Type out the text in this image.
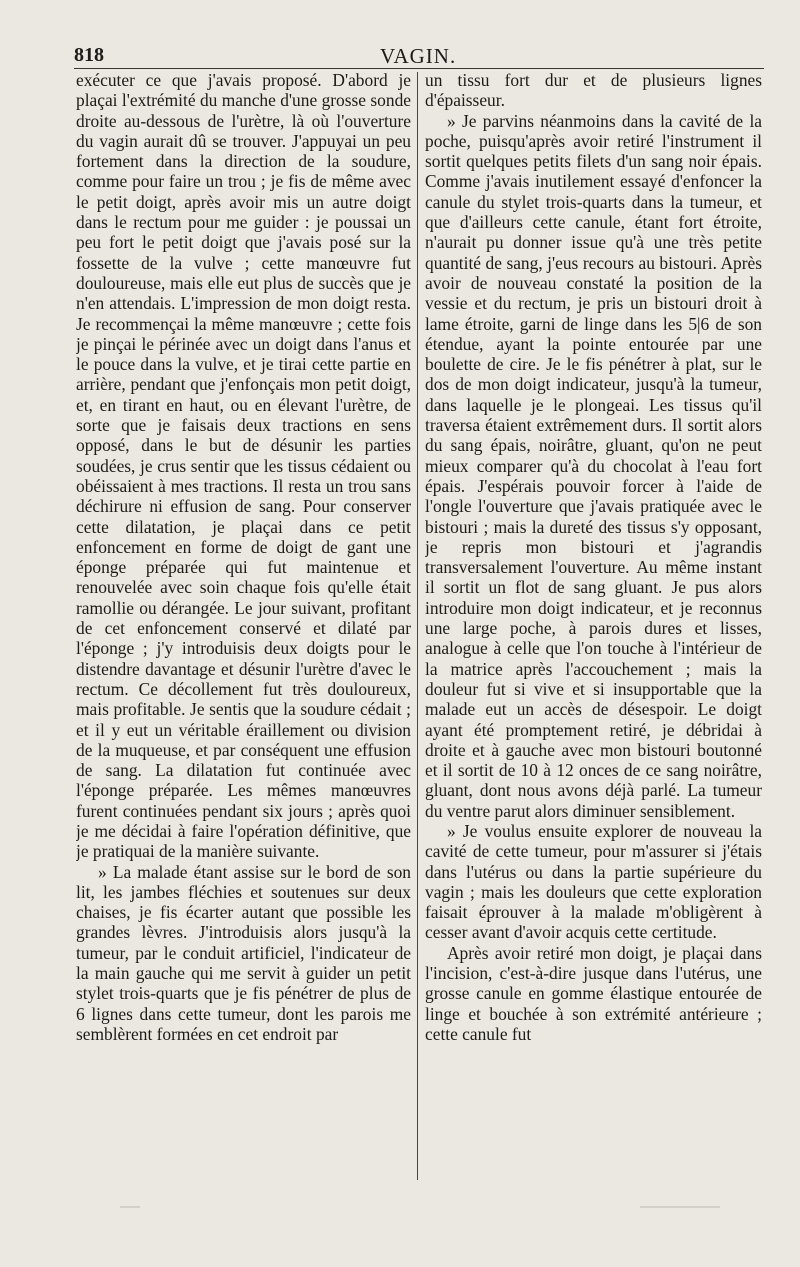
818	VAGIN.

exécuter ce que j'avais proposé. D'abord je plaçai l'extrémité du manche d'une grosse sonde droite au-dessous de l'urètre, là où l'ouverture du vagin aurait dû se trouver. J'appuyai un peu fortement dans la direction de la soudure, comme pour faire un trou ; je fis de même avec le petit doigt, après avoir mis un autre doigt dans le rectum pour me guider : je poussai un peu fort le petit doigt que j'avais posé sur la fossette de la vulve ; cette manœuvre fut douloureuse, mais elle eut plus de succès que je n'en attendais. L'impression de mon doigt resta. Je recommençai la même manœuvre ; cette fois je pinçai le périnée avec un doigt dans l'anus et le pouce dans la vulve, et je tirai cette partie en arrière, pendant que j'enfonçais mon petit doigt, et, en tirant en haut, ou en élevant l'urètre, de sorte que je faisais deux tractions en sens opposé, dans le but de désunir les parties soudées, je crus sentir que les tissus cédaient ou obéissaient à mes tractions. Il resta un trou sans déchirure ni effusion de sang. Pour conserver cette dilatation, je plaçai dans ce petit enfoncement en forme de doigt de gant une éponge préparée qui fut maintenue et renouvelée avec soin chaque fois qu'elle était ramollie ou dérangée. Le jour suivant, profitant de cet enfoncement conservé et dilaté par l'éponge ; j'y introduisis deux doigts pour le distendre davantage et désunir l'urètre d'avec le rectum. Ce décollement fut très douloureux, mais profitable. Je sentis que la soudure cédait ; et il y eut un véritable éraillement ou division de la muqueuse, et par conséquent une effusion de sang. La dilatation fut continuée avec l'éponge préparée. Les mêmes manœuvres furent continuées pendant six jours ; après quoi je me décidai à faire l'opération définitive, que je pratiquai de la manière suivante.

» La malade étant assise sur le bord de son lit, les jambes fléchies et soutenues sur deux chaises, je fis écarter autant que possible les grandes lèvres. J'introduisis alors jusqu'à la tumeur, par le conduit artificiel, l'indicateur de la main gauche qui me servit à guider un petit stylet trois-quarts que je fis pénétrer de plus de 6 lignes dans cette tumeur, dont les parois me semblèrent formées en cet endroit par

un tissu fort dur et de plusieurs lignes d'épaisseur.

» Je parvins néanmoins dans la cavité de la poche, puisqu'après avoir retiré l'instrument il sortit quelques petits filets d'un sang noir épais. Comme j'avais inutilement essayé d'enfoncer la canule du stylet trois-quarts dans la tumeur, et que d'ailleurs cette canule, étant fort étroite, n'aurait pu donner issue qu'à une très petite quantité de sang, j'eus recours au bistouri. Après avoir de nouveau constaté la position de la vessie et du rectum, je pris un bistouri droit à lame étroite, garni de linge dans les 5|6 de son étendue, ayant la pointe entourée par une boulette de cire. Je le fis pénétrer à plat, sur le dos de mon doigt indicateur, jusqu'à la tumeur, dans laquelle je le plongeai. Les tissus qu'il traversa étaient extrêmement durs. Il sortit alors du sang épais, noirâtre, gluant, qu'on ne peut mieux comparer qu'à du chocolat à l'eau fort épais. J'espérais pouvoir forcer à l'aide de l'ongle l'ouverture que j'avais pratiquée avec le bistouri ; mais la dureté des tissus s'y opposant, je repris mon bistouri et j'agrandis transversalement l'ouverture. Au même instant il sortit un flot de sang gluant. Je pus alors introduire mon doigt indicateur, et je reconnus une large poche, à parois dures et lisses, analogue à celle que l'on touche à l'intérieur de la matrice après l'accouchement ; mais la douleur fut si vive et si insupportable que la malade eut un accès de désespoir. Le doigt ayant été promptement retiré, je débridai à droite et à gauche avec mon bistouri boutonné et il sortit de 10 à 12 onces de ce sang noirâtre, gluant, dont nous avons déjà parlé. La tumeur du ventre parut alors diminuer sensiblement.

» Je voulus ensuite explorer de nouveau la cavité de cette tumeur, pour m'assurer si j'étais dans l'utérus ou dans la partie supérieure du vagin ; mais les douleurs que cette exploration faisait éprouver à la malade m'obligèrent à cesser avant d'avoir acquis cette certitude.

Après avoir retiré mon doigt, je plaçai dans l'incision, c'est-à-dire jusque dans l'utérus, une grosse canule en gomme élastique entourée de linge et bouchée à son extrémité antérieure ; cette canule fut
